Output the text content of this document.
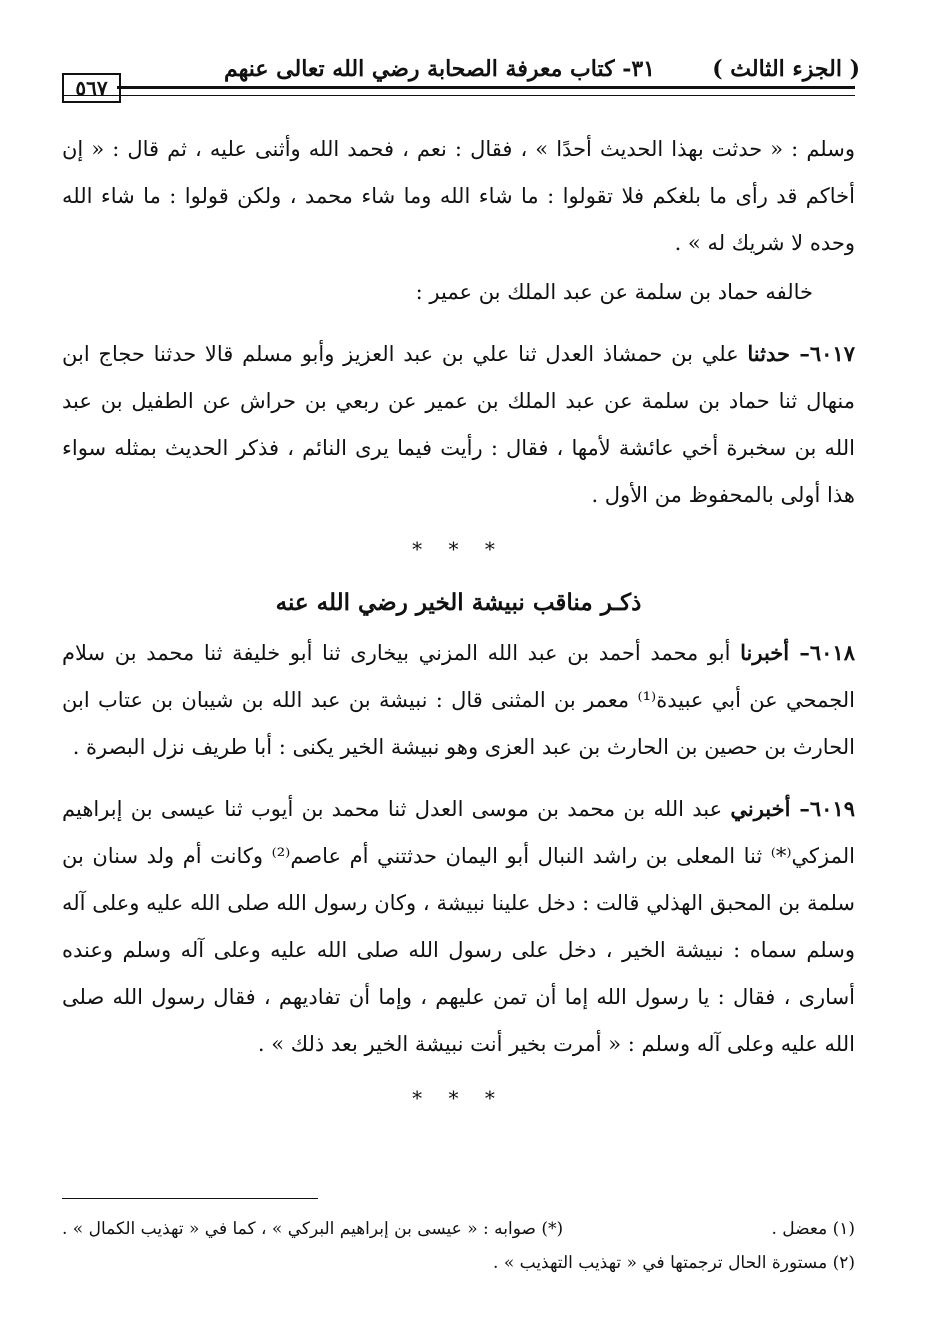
( الجزء الثالث )
٣١- كتاب معرفة الصحابة رضي الله تعالى عنهم
٥٦٧

وسلم : « حدثت بهذا الحديث أحدًا » ، فقال : نعم ، فحمد الله وأثنى عليه ، ثم قال : « إن أخاكم قد رأى ما بلغكم فلا تقولوا : ما شاء الله وما شاء محمد ، ولكن قولوا : ما شاء الله وحده لا شريك له » .

خالفه حماد بن سلمة عن عبد الملك بن عمير :

٦٠١٧– حدثنا علي بن حمشاذ العدل ثنا علي بن عبد العزيز وأبو مسلم قالا حدثنا حجاج ابن منهال ثنا حماد بن سلمة عن عبد الملك بن عمير عن ربعي بن حراش عن الطفيل بن عبد الله بن سخبرة أخي عائشة لأمها ، فقال : رأيت فيما يرى النائم ، فذكر الحديث بمثله سواء هذا أولى بالمحفوظ من الأول .

* * *
ذكـر مناقب نبيشة الخير رضي الله عنه

٦٠١٨– أخبرنا أبو محمد أحمد بن عبد الله المزني بيخارى ثنا أبو خليفة ثنا محمد بن سلام الجمحي عن أبي عبيدة⁽¹⁾ معمر بن المثنى قال : نبيشة بن عبد الله بن شيبان بن عتاب ابن الحارث بن حصين بن الحارث بن عبد العزى وهو نبيشة الخير يكنى : أبا طريف نزل البصرة .

٦٠١٩– أخبرني عبد الله بن محمد بن موسى العدل ثنا محمد بن أيوب ثنا عيسى بن إبراهيم المزكي⁽*⁾ ثنا المعلى بن راشد النبال أبو اليمان حدثتني أم عاصم⁽²⁾ وكانت أم ولد سنان بن سلمة بن المحبق الهذلي قالت : دخل علينا نبيشة ، وكان رسول الله صلى الله عليه وعلى آله وسلم سماه : نبيشة الخير ، دخل على رسول الله صلى الله عليه وعلى آله وسلم وعنده أسارى ، فقال : يا رسول الله إما أن تمن عليهم ، وإما أن تفاديهم ، فقال رسول الله صلى الله عليه وعلى آله وسلم : « أمرت بخير أنت نبيشة الخير بعد ذلك » .

* * *
(١) معضل .
(*) صوابه : « عيسى بن إبراهيم البركي » ، كما في « تهذيب الكمال » .
(٢) مستورة الحال ترجمتها في « تهذيب التهذيب » .
